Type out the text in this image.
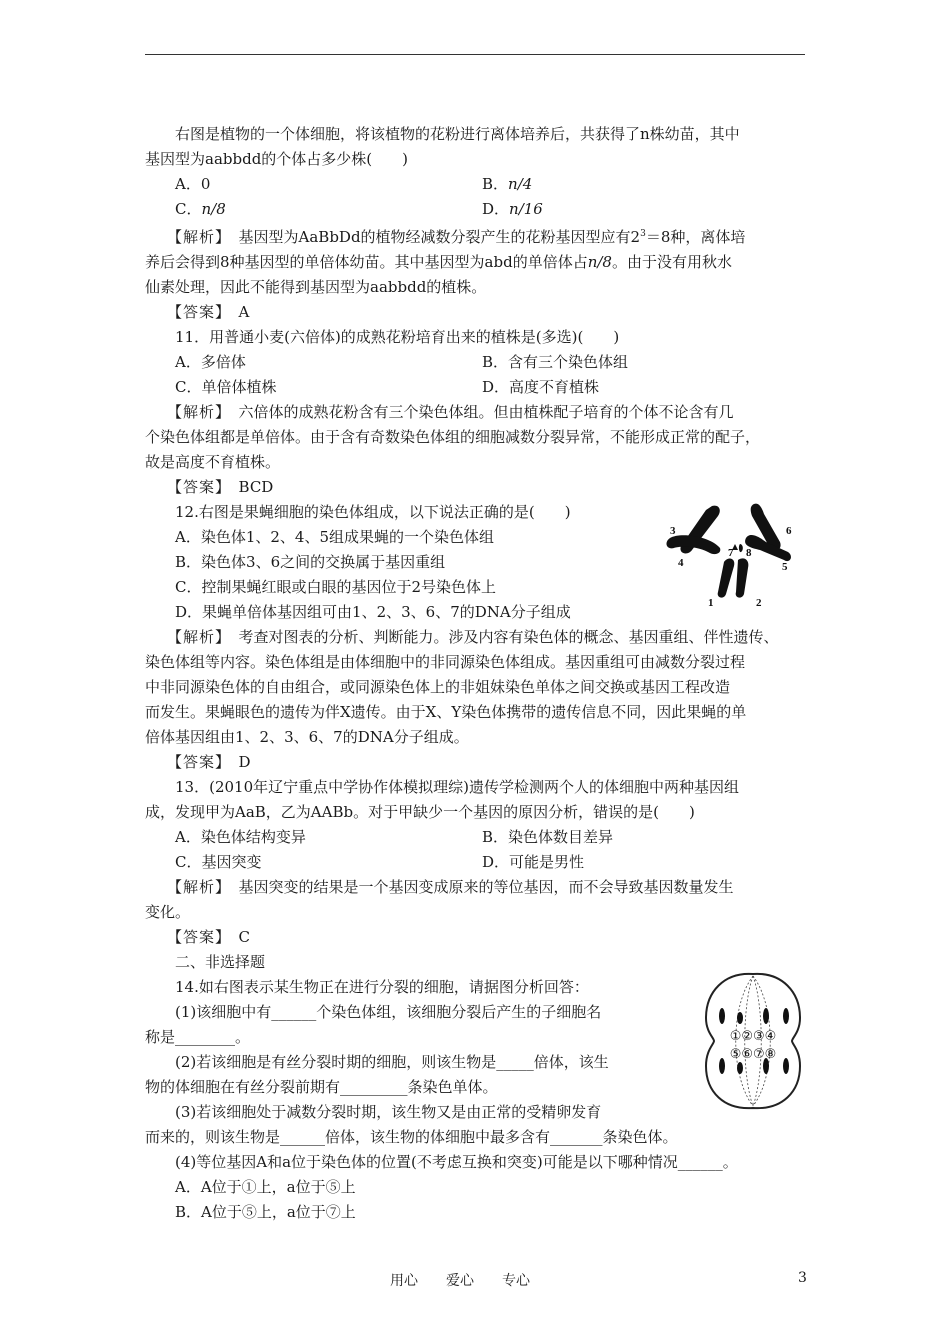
右图是植物的一个体细胞，将该植物的花粉进行离体培养后，共获得了n株幼苗，其中

基因型为aabbdd的个体占多少株(　　)

A．0	B．n/4
C．n/8	D．n/16

【解析】　基因型为AaBbDd的植物经减数分裂产生的花粉基因型应有$2^3=8$种，离体培

养后会得到8种基因型的单倍体幼苗。其中基因型为abd的单倍体占n/8。由于没有用秋水

仙素处理，因此不能得到基因型为aabbdd的植株。

【答案】　 A

11．用普通小麦(六倍体)的成熟花粉培育出来的植株是(多选)(　　)

A．多倍体	B．含有三个染色体组
C．单倍体植株	D．高度不育植株

【解析】　六倍体的成熟花粉含有三个染色体组。但由植株配子培育的个体不论含有几

个染色体组都是单倍体。由于含有奇数染色体组的细胞减数分裂异常，不能形成正常的配子，

故是高度不育植株。

【答案】　 BCD

12.右图是果蝇细胞的染色体组成，以下说法正确的是(　　)

A．染色体1、2、4、5组成果蝇的一个染色体组

B．染色体3、6之间的交换属于基因重组

C．控制果蝇红眼或白眼的基因位于2号染色体上

D．果蝇单倍体基因组可由1、2、3、6、7的DNA分子组成

【解析】　考查对图表的分析、判断能力。涉及内容有染色体的概念、基因重组、伴性遗传、

染色体组等内容。染色体组是由体细胞中的非同源染色体组成。基因重组可由减数分裂过程

中非同源染色体的自由组合，或同源染色体上的非姐妹染色单体之间交换或基因工程改造

而发生。果蝇眼色的遗传为伴X遗传。由于X、Y染色体携带的遗传信息不同，因此果蝇的单

倍体基因组由1、2、3、6、7的DNA分子组成。

【答案】　 D

13．(2010年辽宁重点中学协作体模拟理综)遗传学检测两个人的体细胞中两种基因组

成，发现甲为AaB，乙为AABb。对于甲缺少一个基因的原因分析，错误的是(　　)

A．染色体结构变异	B．染色体数目差异
C．基因突变	D．可能是男性

【解析】　基因突变的结果是一个基因变成原来的等位基因，而不会导致基因数量发生

变化。

【答案】　 C

二、非选择题

14.如右图表示某生物正在进行分裂的细胞，请据图分析回答：

(1)该细胞中有______个染色体组，该细胞分裂后产生的子细胞名

称是________。

(2)若该细胞是有丝分裂时期的细胞，则该生物是_____倍体，该生

物的体细胞在有丝分裂前期有_________条染色单体。

(3)若该细胞处于减数分裂时期，该生物又是由正常的受精卵发育

而来的，则该生物是______倍体，该生物的体细胞中最多含有_______条染色体。

(4)等位基因A和a位于染色体的位置(不考虑互换和突变)可能是以下哪种情况______。

A．A位于①上，a位于⑤上

B．A位于⑤上，a位于⑦上

3	6
4
7 8
5
1	2
①②③④
⑤⑥⑦⑧
用心　　爱心　　专心	3
